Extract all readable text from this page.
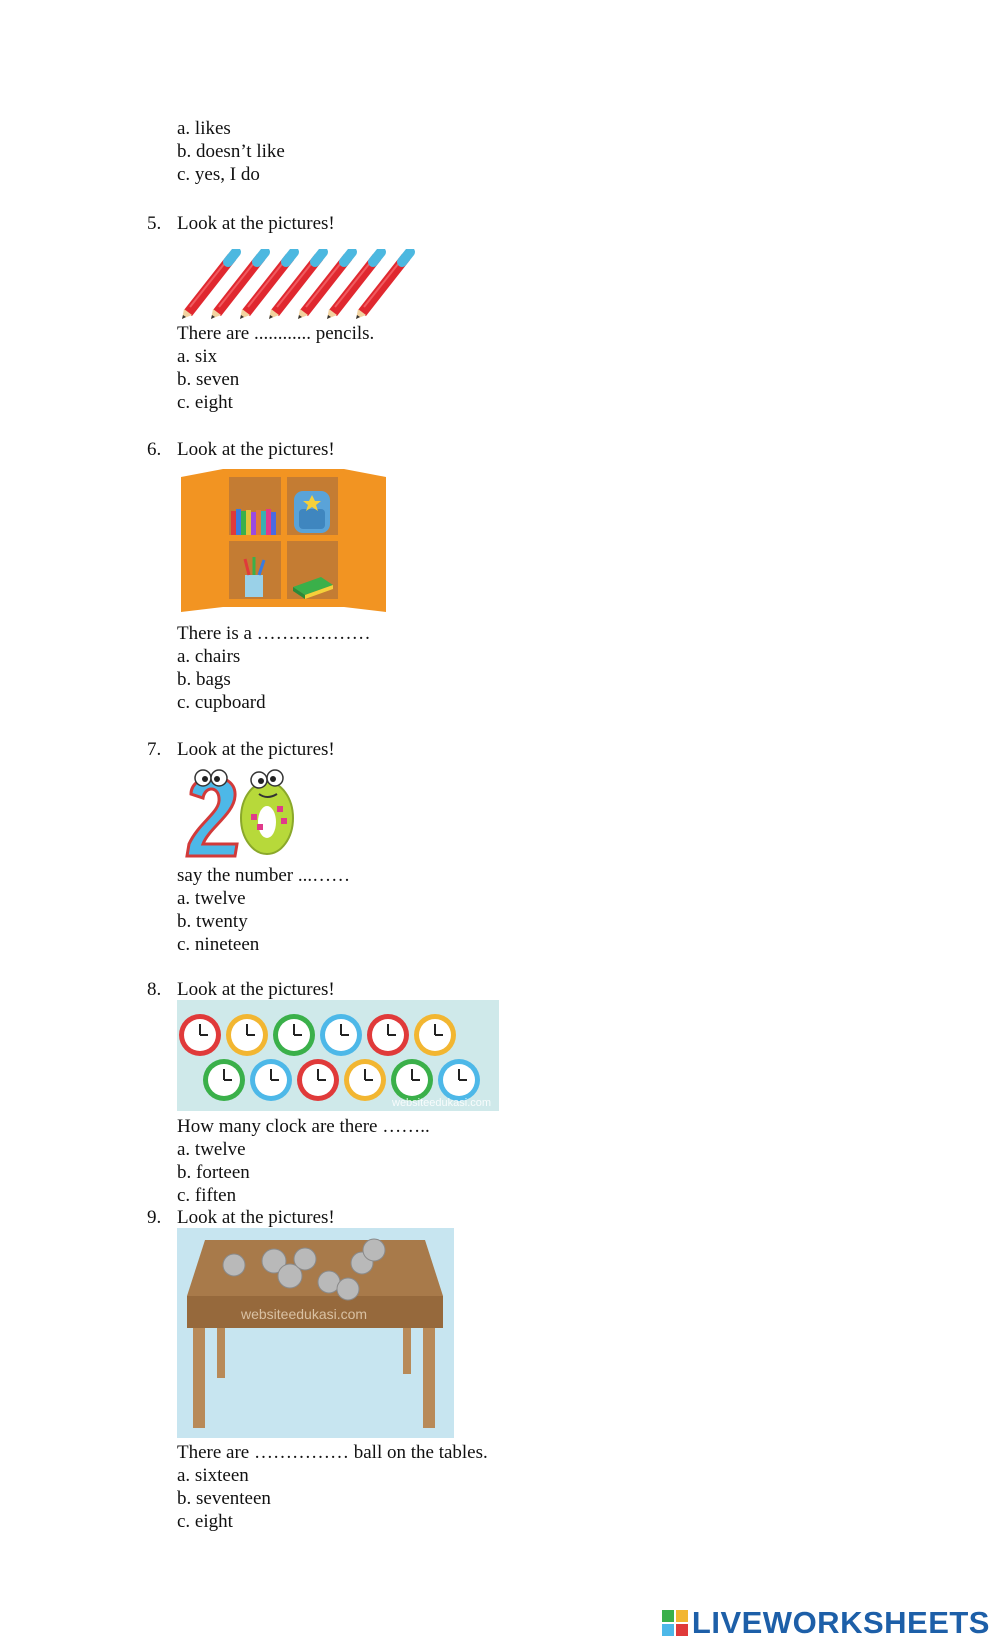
a. likes
b. doesn’t like
c. yes, I do
5. Look at the pictures!
There are ............ pencils.
a. six
b. seven
c. eight
6. Look at the pictures!
There is a ………………
a. chairs
b. bags
c. cupboard
7. Look at the pictures!
say the number ...……
a. twelve
b. twenty
c. nineteen
8. Look at the pictures!
websiteedukasi.com
How many clock are there ……..
a. twelve
b. forteen
c. fiften
9. Look at the pictures!
websiteedukasi.com
There are …………… ball on the tables.
a. sixteen
b. seventeen
c. eight
LIVEWORKSHEETS
